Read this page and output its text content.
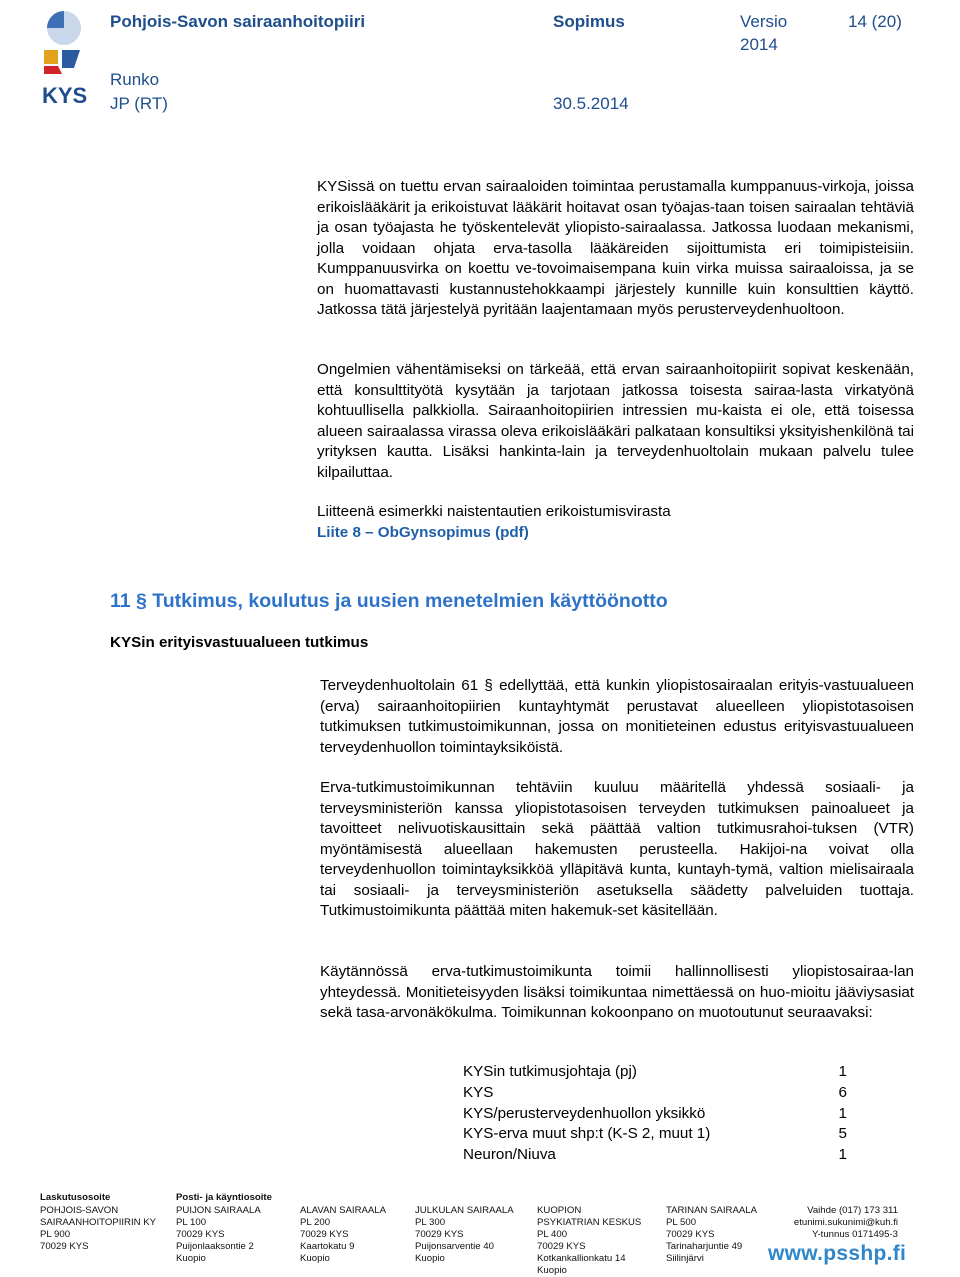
KYS
Pohjois-Savon sairaanhoitopiiri	Sopimus	Versio
2014
14 (20)
Runko
JP (RT)	30.5.2014

KYSissä on tuettu ervan sairaaloiden toimintaa perustamalla kumppanuus-virkoja, joissa erikoislääkärit ja erikoistuvat lääkärit hoitavat osan työajas-taan toisen sairaalan tehtäviä ja osan työajasta he työskentelevät yliopisto-sairaalassa. Jatkossa luodaan mekanismi, jolla voidaan ohjata erva-tasolla lääkäreiden sijoittumista eri toimipisteisiin. Kumppanuusvirka on koettu ve-tovoimaisempana kuin virka muissa sairaaloissa, ja se on huomattavasti kustannustehokkaampi järjestely kunnille kuin konsulttien käyttö. Jatkossa tätä järjestelyä pyritään laajentamaan myös perusterveydenhuoltoon.

Ongelmien vähentämiseksi on tärkeää, että ervan sairaanhoitopiirit sopivat keskenään, että konsulttityötä kysytään ja tarjotaan jatkossa toisesta sairaa-lasta virkatyönä kohtuullisella palkkiolla. Sairaanhoitopiirien intressien mu-kaista ei ole, että toisessa alueen sairaalassa virassa oleva erikoislääkäri palkataan konsultiksi yksityishenkilönä tai yrityksen kautta. Lisäksi hankinta-lain ja terveydenhuoltolain mukaan palvelu tulee kilpailuttaa.

Liitteenä esimerkki naistentautien erikoistumisvirasta

Liite 8 – ObGynsopimus (pdf)

11 § Tutkimus, koulutus ja uusien menetelmien käyttöönotto
KYSin erityisvastuualueen tutkimus

Terveydenhuoltolain 61 § edellyttää, että kunkin yliopistosairaalan erityis-vastuualueen (erva) sairaanhoitopiirien kuntayhtymät perustavat alueelleen yliopistotasoisen tutkimuksen tutkimustoimikunnan, jossa on monitieteinen edustus erityisvastuualueen terveydenhuollon toimintayksiköistä.

Erva-tutkimustoimikunnan tehtäviin kuuluu määritellä yhdessä sosiaali- ja terveysministeriön kanssa yliopistotasoisen terveyden tutkimuksen painoalueet ja tavoitteet nelivuotiskausittain sekä päättää valtion tutkimusrahoi-tuksen (VTR) myöntämisestä alueellaan hakemusten perusteella. Hakijoi-na voivat olla terveydenhuollon toimintayksikköä ylläpitävä kunta, kuntayh-tymä, valtion mielisairaala tai sosiaali- ja terveysministeriön asetuksella säädetty palveluiden tuottaja. Tutkimustoimikunta päättää miten hakemuk-set käsitellään.

Käytännössä erva-tutkimustoimikunta toimii hallinnollisesti yliopistosairaa-lan yhteydessä. Monitieteisyyden lisäksi toimikuntaa nimettäessä on huo-mioitu jääviysasiat sekä tasa-arvonäkökulma. Toimikunnan kokoonpano on muotoutunut seuraavaksi:

KYSin tutkimusjohtaja (pj)	1
KYS	6
KYS/perusterveydenhuollon yksikkö	1
KYS-erva muut shp:t (K-S 2, muut 1)	5
Neuron/Niuva	1
Laskutusosoite	Posti- ja käyntiosoite
POHJOIS-SAVON
SAIRAANHOITOPIIRIN KY
PL 900
70029 KYS
PUIJON SAIRAALA
PL 100
70029 KYS
Puijonlaaksontie 2
Kuopio
ALAVAN SAIRAALA
PL 200
70029 KYS
Kaartokatu 9
Kuopio
JULKULAN SAIRAALA
PL 300
70029 KYS
Puijonsarventie 40
Kuopio
KUOPION
PSYKIATRIAN KESKUS
PL 400
70029 KYS
Kotkankallionkatu 14
Kuopio
TARINAN SAIRAALA
PL 500
70029 KYS
Tarinaharjuntie 49
Siilinjärvi
Vaihde (017) 173 311
etunimi.sukunimi@kuh.fi
Y-tunnus 0171495-3
www.psshp.fi
